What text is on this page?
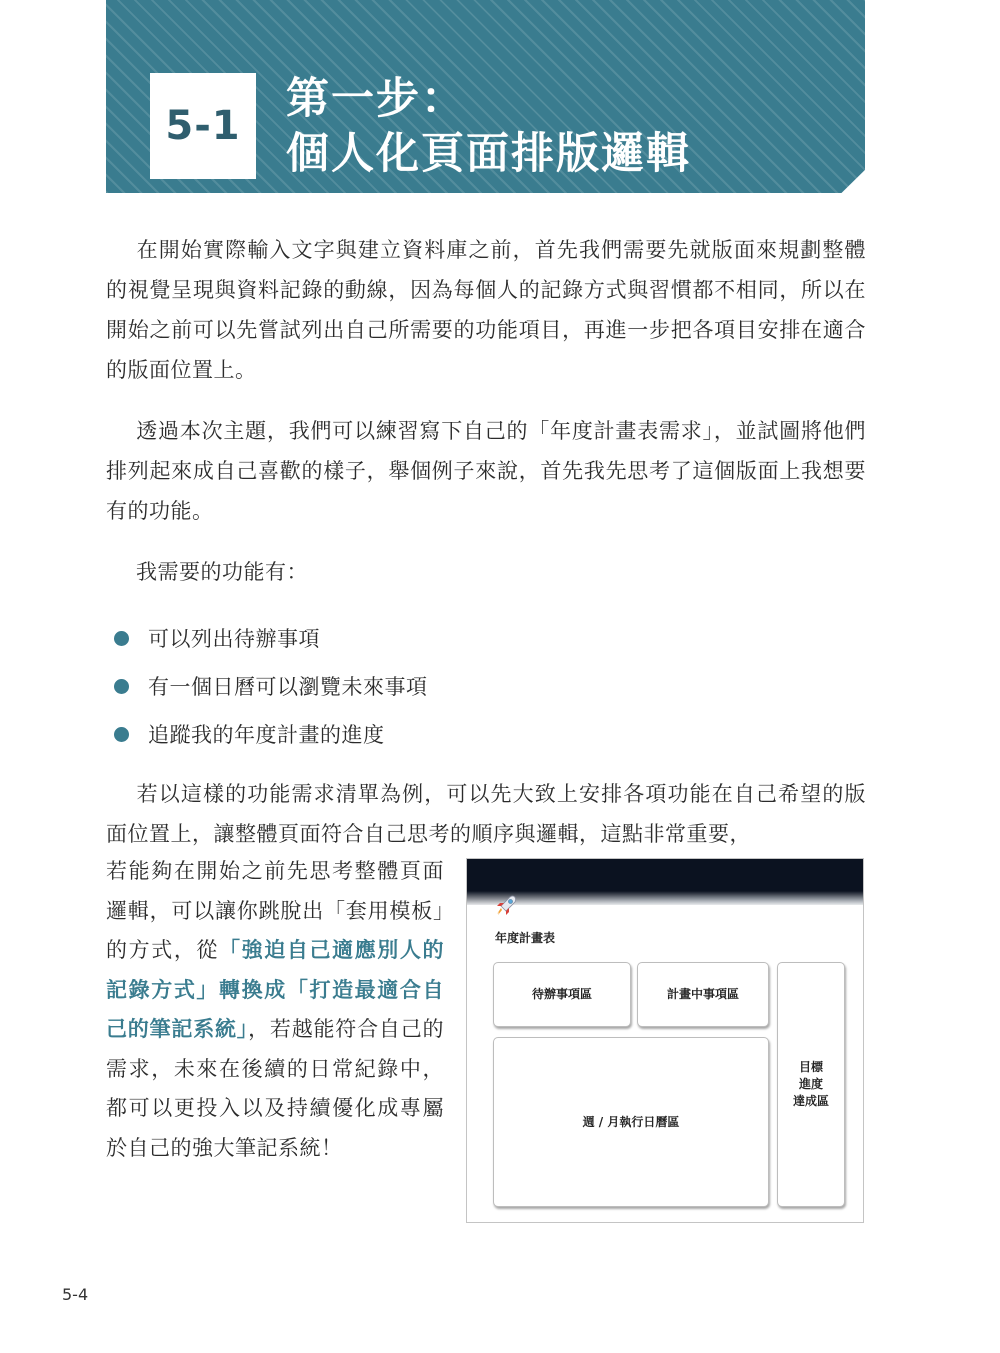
5-1
第一步：
個人化頁面排版邏輯

在開始實際輸入文字與建立資料庫之前，首先我們需要先就版面來規劃整體的視覺呈現與資料記錄的動線，因為每個人的記錄方式與習慣都不相同，所以在開始之前可以先嘗試列出自己所需要的功能項目，再進一步把各項目安排在適合的版面位置上。

透過本次主題，我們可以練習寫下自己的「年度計畫表需求」，並試圖將他們排列起來成自己喜歡的樣子，舉個例子來說，首先我先思考了這個版面上我想要有的功能。

我需要的功能有：

可以列出待辦事項
有一個日曆可以瀏覽未來事項
追蹤我的年度計畫的進度

若以這樣的功能需求清單為例，可以先大致上安排各項功能在自己希望的版面位置上，讓整體頁面符合自己思考的順序與邏輯，這點非常重要，

若能夠在開始之前先思考整體頁面邏輯，可以讓你跳脫出「套用模板」的方式，從「強迫自己適應別人的記錄方式」轉換成「打造最適合自己的筆記系統」，若越能符合自己的需求，未來在後續的日常紀錄中，都可以更投入以及持續優化成專屬於自己的強大筆記系統！

年度計畫表
待辦事項區	計畫中事項區
週 / 月執行日曆區
目標
進度
達成區
5-4
